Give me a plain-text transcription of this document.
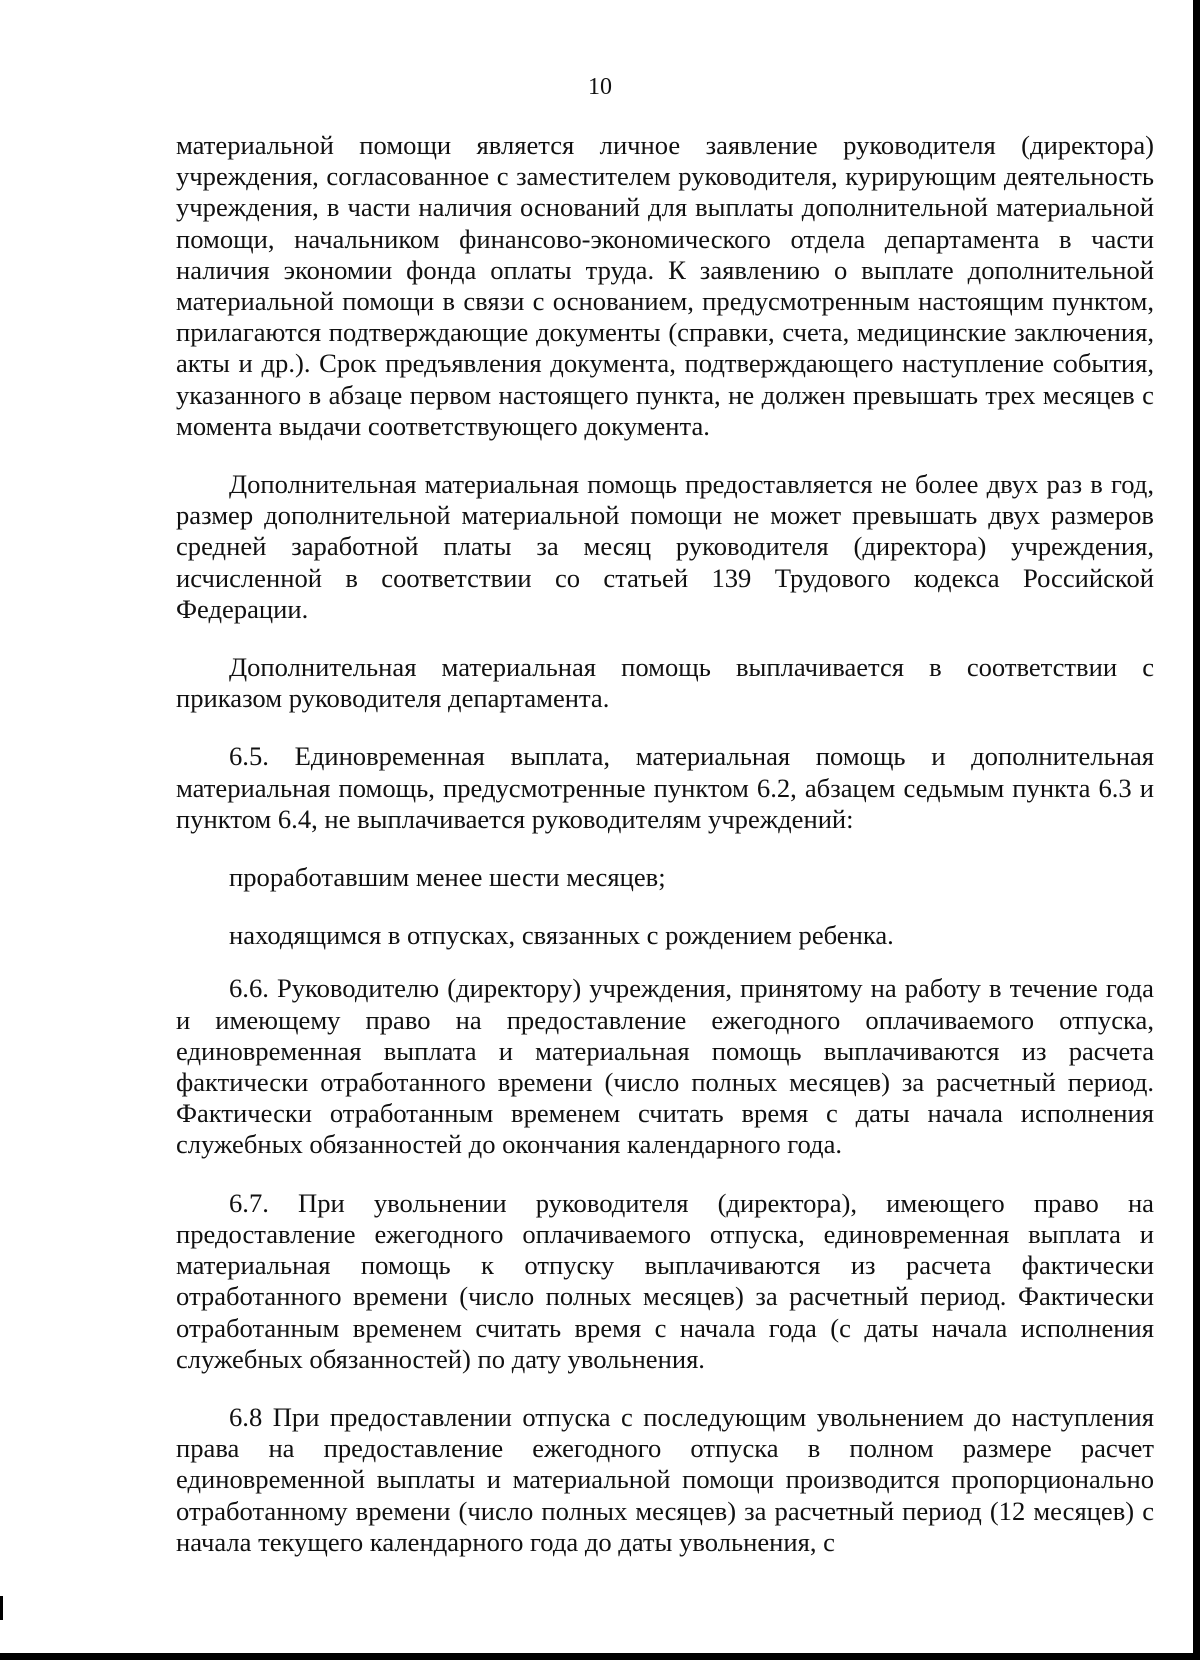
10

материальной помощи является личное заявление руководителя (директора) учреждения, согласованное с заместителем руководителя, курирующим деятельность учреждения, в части наличия оснований для выплаты дополнительной материальной помощи, начальником финансово-экономического отдела департамента в части наличия экономии фонда оплаты труда. К заявлению о выплате дополнительной материальной помощи в связи с основанием, предусмотренным настоящим пунктом, прилагаются подтверждающие документы (справки, счета, медицинские заключения, акты и др.). Срок предъявления документа, подтверждающего наступление события, указанного в абзаце первом настоящего пункта, не должен превышать трех месяцев с момента выдачи соответствующего документа.

Дополнительная материальная помощь предоставляется не более двух раз в год, размер дополнительной материальной помощи не может превышать двух размеров средней заработной платы за месяц руководителя (директора) учреждения, исчисленной в соответствии со статьей 139 Трудового кодекса Российской Федерации.

Дополнительная материальная помощь выплачивается в соответствии с приказом руководителя департамента.

6.5. Единовременная выплата, материальная помощь и дополнительная материальная помощь, предусмотренные пунктом 6.2, абзацем седьмым пункта 6.3 и пунктом 6.4, не выплачивается руководителям учреждений:

проработавшим менее шести месяцев;

находящимся в отпусках, связанных с рождением ребенка.

6.6. Руководителю (директору) учреждения, принятому на работу в течение года и имеющему право на предоставление ежегодного оплачиваемого отпуска, единовременная выплата и материальная помощь выплачиваются из расчета фактически отработанного времени (число полных месяцев) за расчетный период. Фактически отработанным временем считать время с даты начала исполнения служебных обязанностей до окончания календарного года.

6.7. При увольнении руководителя (директора), имеющего право на предоставление ежегодного оплачиваемого отпуска, единовременная выплата и материальная помощь к отпуску выплачиваются из расчета фактически отработанного времени (число полных месяцев) за расчетный период. Фактически отработанным временем считать время с начала года (с даты начала исполнения служебных обязанностей) по дату увольнения.

6.8 При предоставлении отпуска с последующим увольнением до наступления права на предоставление ежегодного отпуска в полном размере расчет единовременной выплаты и материальной помощи производится пропорционально отработанному времени (число полных месяцев) за расчетный период (12 месяцев) с начала текущего календарного года до даты увольнения, с
